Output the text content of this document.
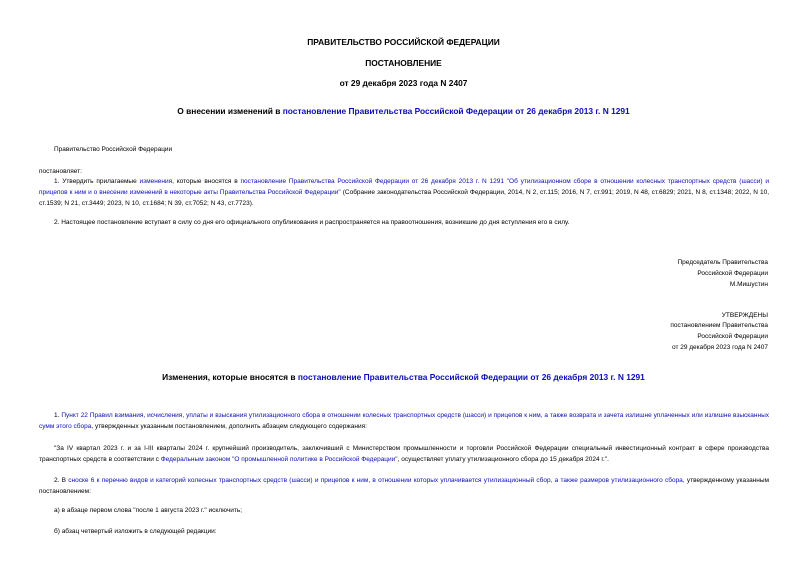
ПРАВИТЕЛЬСТВО РОССИЙСКОЙ ФЕДЕРАЦИИ
ПОСТАНОВЛЕНИЕ
от 29 декабря 2023 года N 2407
О внесении изменений в постановление Правительства Российской Федерации от 26 декабря 2013 г. N 1291
Правительство Российской Федерации
постановляет:
1. Утвердить прилагаемые изменения, которые вносятся в постановление Правительства Российской Федерации от 26 декабря 2013 г. N 1291 "Об утилизационном сборе в отношении колесных транспортных средств (шасси) и прицепов к ним и о внесении изменений в некоторые акты Правительства Российской Федерации" (Собрание законодательства Российской Федерации, 2014, N 2, ст.115; 2016, N 7, ст.991; 2019, N 48, ст.6829; 2021, N 8, ст.1348; 2022, N 10, ст.1539; N 21, ст.3449; 2023, N 10, ст.1684; N 39, ст.7052; N 43, ст.7723).
2. Настоящее постановление вступает в силу со дня его официального опубликования и распространяется на правоотношения, возникшие до дня вступления его в силу.
Председатель Правительства
Российской Федерации
М.Мишустин
УТВЕРЖДЕНЫ
постановлением Правительства
Российской Федерации
от 29 декабря 2023 года N 2407
Изменения, которые вносятся в постановление Правительства Российской Федерации от 26 декабря 2013 г. N 1291
1. Пункт 22 Правил взимания, исчисления, уплаты и взыскания утилизационного сбора в отношении колесных транспортных средств (шасси) и прицепов к ним, а также возврата и зачета излишне уплаченных или излишне взысканных сумм этого сбора, утвержденных указанным постановлением, дополнить абзацем следующего содержания:
"За IV квартал 2023 г. и за I-III кварталы 2024 г. крупнейший производитель, заключивший с Министерством промышленности и торговли Российской Федерации специальный инвестиционный контракт в сфере производства транспортных средств в соответствии с Федеральным законом "О промышленной политике в Российской Федерации", осуществляет уплату утилизационного сбора до 15 декабря 2024 г.".
2. В сноске 6 к перечню видов и категорий колесных транспортных средств (шасси) и прицепов к ним, в отношении которых уплачивается утилизационный сбор, а также размеров утилизационного сбора, утвержденному указанным постановлением:
а) в абзаце первом слова "после 1 августа 2023 г." исключить;
б) абзац четвертый изложить в следующей редакции:
